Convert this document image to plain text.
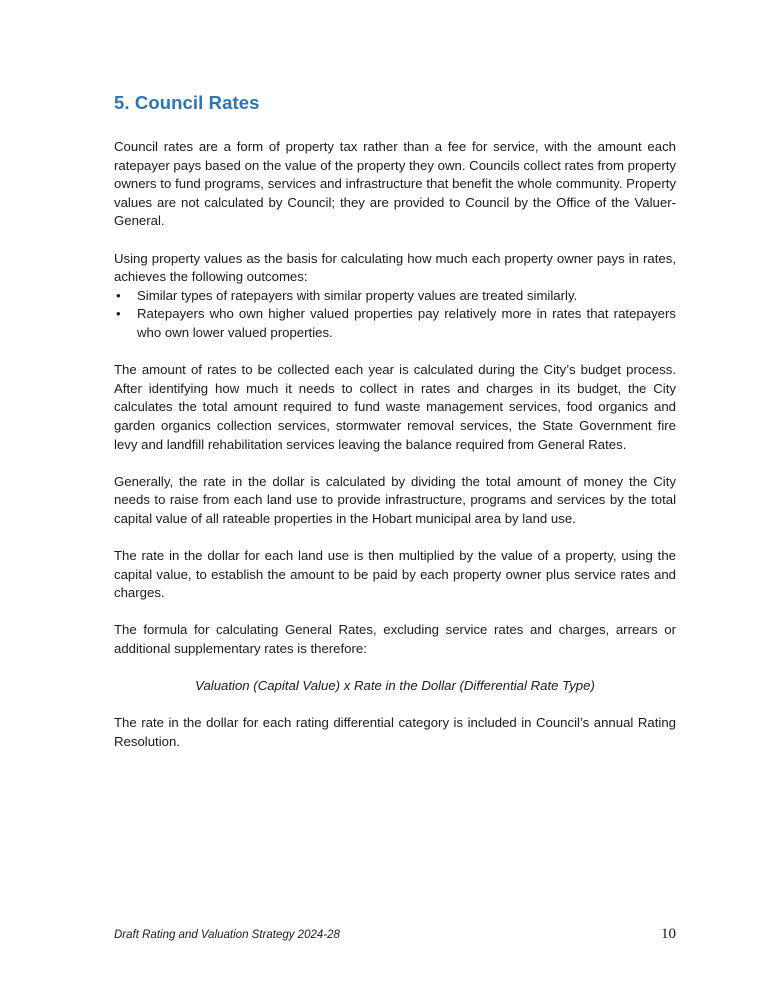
5. Council Rates

Council rates are a form of property tax rather than a fee for service, with the amount each ratepayer pays based on the value of the property they own. Councils collect rates from property owners to fund programs, services and infrastructure that benefit the whole community. Property values are not calculated by Council; they are provided to Council by the Office of the Valuer-General.

Using property values as the basis for calculating how much each property owner pays in rates, achieves the following outcomes:

• Similar types of ratepayers with similar property values are treated similarly.
• Ratepayers who own higher valued properties pay relatively more in rates that ratepayers who own lower valued properties.

The amount of rates to be collected each year is calculated during the City’s budget process. After identifying how much it needs to collect in rates and charges in its budget, the City calculates the total amount required to fund waste management services, food organics and garden organics collection services, stormwater removal services, the State Government fire levy and landfill rehabilitation services leaving the balance required from General Rates.

Generally, the rate in the dollar is calculated by dividing the total amount of money the City needs to raise from each land use to provide infrastructure, programs and services by the total capital value of all rateable properties in the Hobart municipal area by land use.

The rate in the dollar for each land use is then multiplied by the value of a property, using the capital value, to establish the amount to be paid by each property owner plus service rates and charges.

The formula for calculating General Rates, excluding service rates and charges, arrears or additional supplementary rates is therefore:

Valuation (Capital Value) x Rate in the Dollar (Differential Rate Type)

The rate in the dollar for each rating differential category is included in Council’s annual Rating Resolution.

Draft Rating and Valuation Strategy 2024-28	10
